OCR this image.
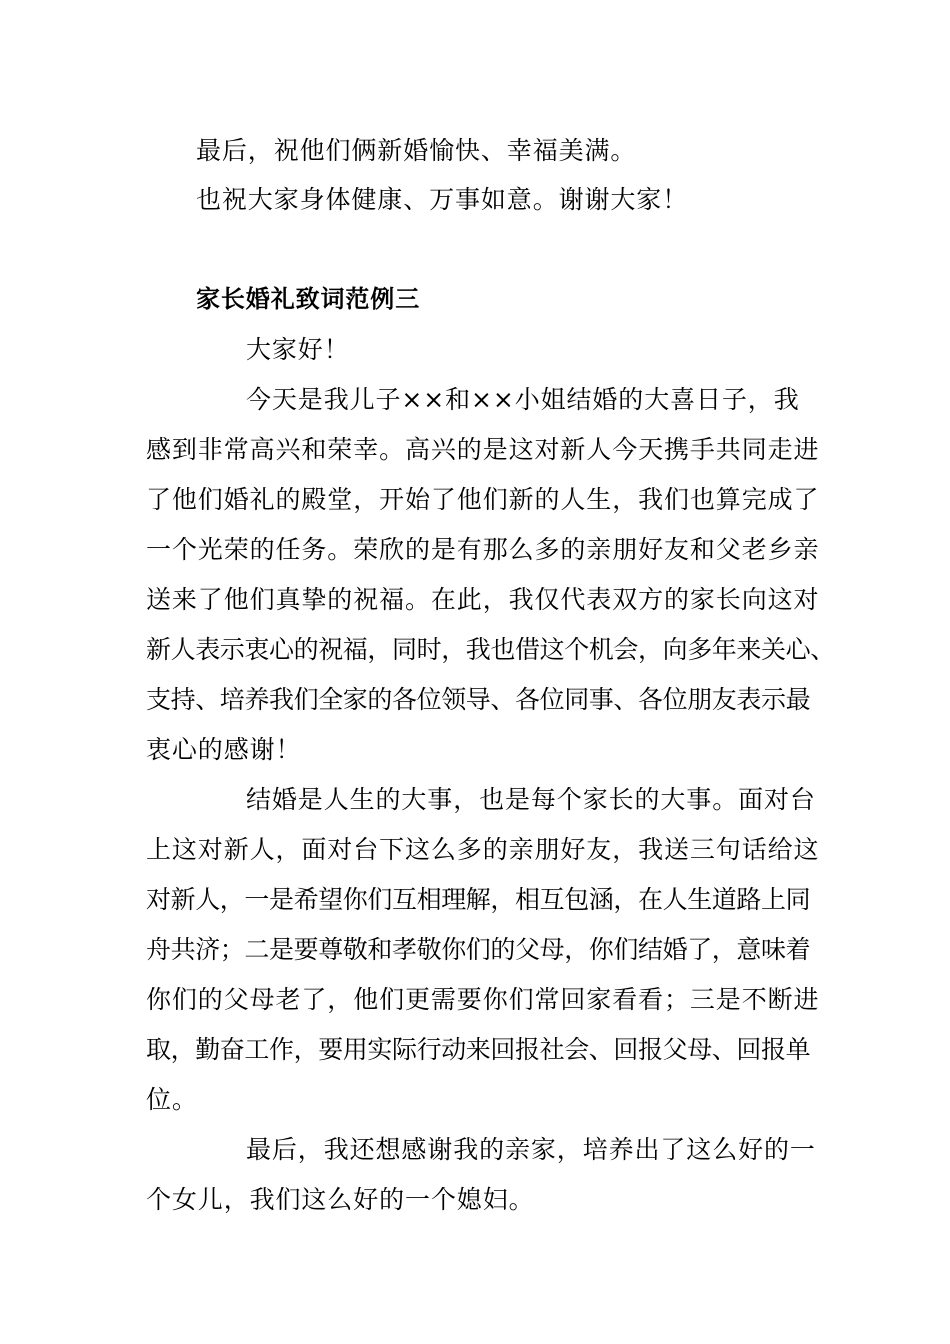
最后，祝他们俩新婚愉快、幸福美满。
也祝大家身体健康、万事如意。谢谢大家！
家长婚礼致词范例三
大家好！
今天是我儿子××和××小姐结婚的大喜日子，我
感到非常高兴和荣幸。高兴的是这对新人今天携手共同走进
了他们婚礼的殿堂，开始了他们新的人生，我们也算完成了
一个光荣的任务。荣欣的是有那么多的亲朋好友和父老乡亲
送来了他们真挚的祝福。在此，我仅代表双方的家长向这对
新人表示衷心的祝福，同时，我也借这个机会，向多年来关心、
支持、培养我们全家的各位领导、各位同事、各位朋友表示最
衷心的感谢！
结婚是人生的大事，也是每个家长的大事。面对台
上这对新人，面对台下这么多的亲朋好友，我送三句话给这
对新人，一是希望你们互相理解，相互包涵，在人生道路上同
舟共济；二是要尊敬和孝敬你们的父母，你们结婚了，意味着
你们的父母老了，他们更需要你们常回家看看；三是不断进
取，勤奋工作，要用实际行动来回报社会、回报父母、回报单
位。
最后，我还想感谢我的亲家，培养出了这么好的一
个女儿，我们这么好的一个媳妇。
